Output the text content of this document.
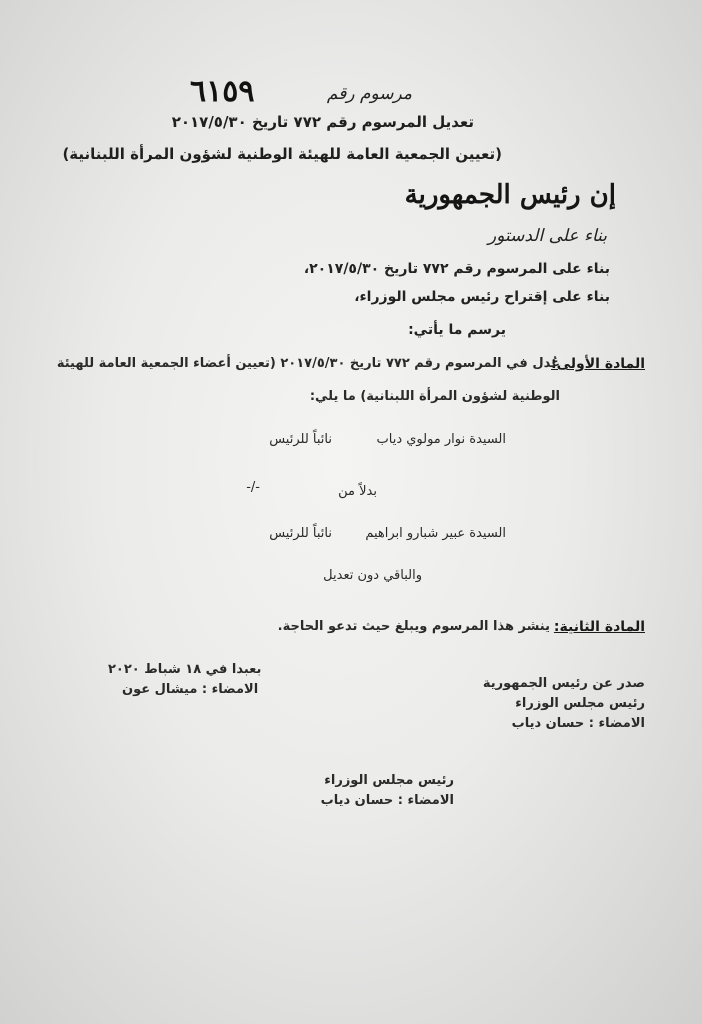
مرسوم رقم
٦١٥٩
تعديل المرسوم رقم ٧٧٢ تاريخ ٢٠١٧/٥/٣٠
(تعيين الجمعية العامة للهيئة الوطنية لشؤون المرأة اللبنانية)
إن رئيس الجمهورية
بناء على الدستور
بناء على المرسوم رقم ٧٧٢ تاريخ ٢٠١٧/٥/٣٠،
بناء على إقتراح رئيس مجلس الوزراء،
يرسم ما يأتي:
المادة الأولى:
عُدل في المرسوم رقم ٧٧٢ تاريخ ٢٠١٧/٥/٣٠ (تعيين أعضاء الجمعية العامة للهيئة
الوطنية لشؤون المرأة اللبنانية) ما يلي:
السيدة نوار مولوي دياب
نائباً للرئيس
بدلاً من
-/-
السيدة عبير شبارو ابراهيم
نائباً للرئيس
والباقي دون تعديل
المادة الثانية:
ينشر هذا المرسوم ويبلغ حيث تدعو الحاجة.
بعبدا في ١٨ شباط ٢٠٢٠
الامضاء : ميشال عون	صدر عن رئيس الجمهورية
رئيس مجلس الوزراء
الامضاء : حسان دياب
رئيس مجلس الوزراء
الامضاء : حسان دياب
